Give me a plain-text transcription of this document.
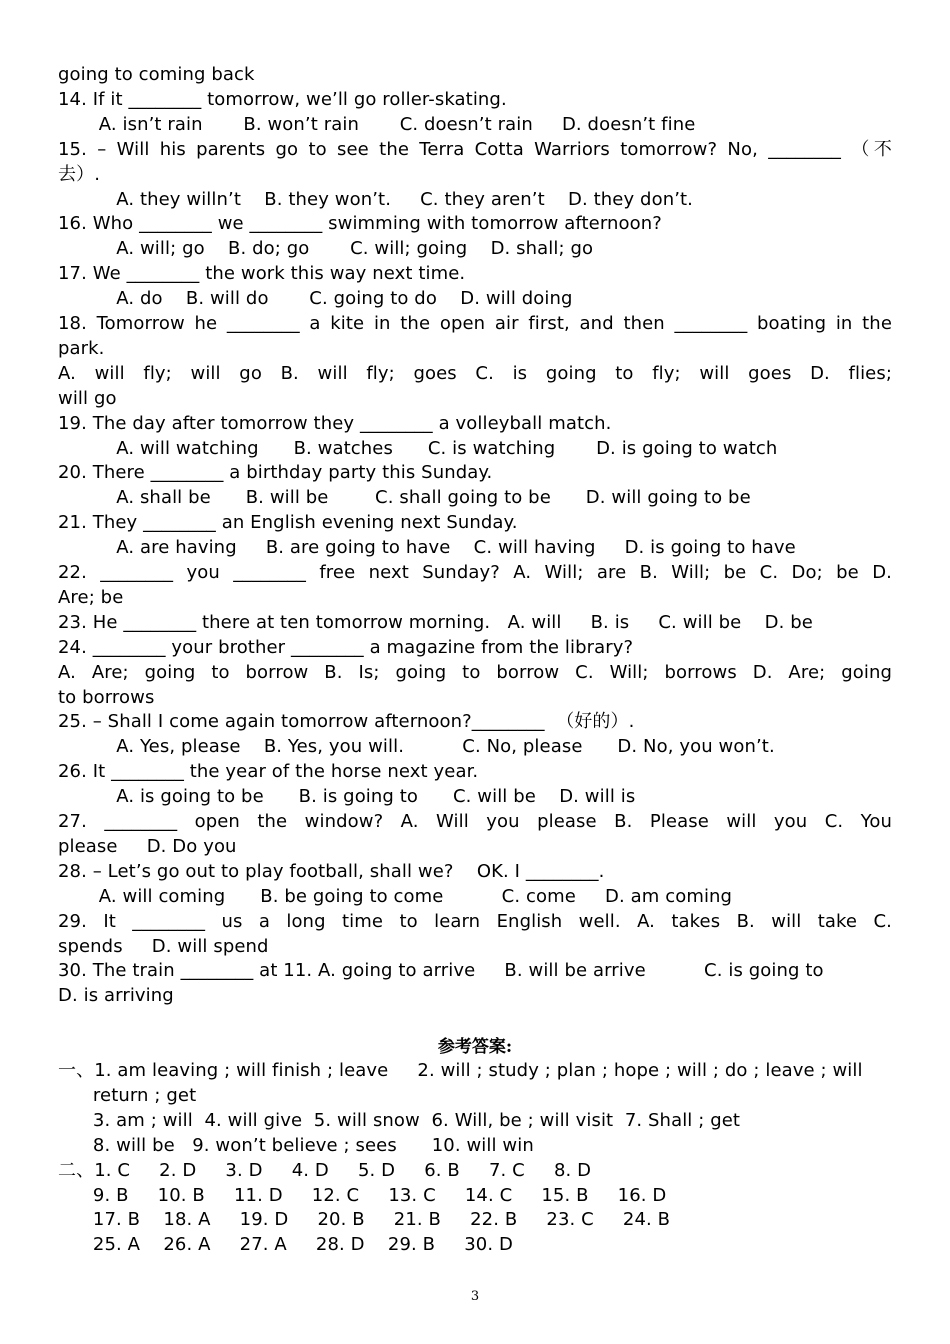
going to coming back
14. If it ________ tomorrow, we’ll go roller-skating.
A. isn’t rain       B. won’t rain       C. doesn’t rain     D. doesn’t fine
15. – Will his parents go to see the Terra Cotta Warriors tomorrow? No, ________ （不
去）.
A. they willn’t    B. they won’t.     C. they aren’t    D. they don’t.
16. Who ________ we ________ swimming with tomorrow afternoon?
A. will; go    B. do; go       C. will; going    D. shall; go
17. We ________ the work this way next time.
A. do    B. will do       C. going to do    D. will doing
18. Tomorrow he ________ a kite in the open air first, and then ________ boating in the
park.
A. will fly; will go B. will fly; goes C. is going to fly; will goes D. flies;
will go
19. The day after tomorrow they ________ a volleyball match.
A. will watching      B. watches      C. is watching       D. is going to watch
20. There ________ a birthday party this Sunday.
A. shall be      B. will be        C. shall going to be      D. will going to be
21. They ________ an English evening next Sunday.
A. are having     B. are going to have    C. will having     D. is going to have
22. ________ you ________ free next Sunday? A. Will; are B. Will; be C. Do; be D.
Are; be
23. He ________ there at ten tomorrow morning.   A. will     B. is     C. will be    D. be
24. ________ your brother ________ a magazine from the library?
A. Are; going to borrow B. Is; going to borrow C. Will; borrows D. Are; going
to borrows
25. – Shall I come again tomorrow afternoon?________  （好的）.
A. Yes, please    B. Yes, you will.          C. No, please      D. No, you won’t.
26. It ________ the year of the horse next year.
A. is going to be      B. is going to      C. will be    D. will is
27. ________ open the window? A. Will you please B. Please will you C. You
please     D. Do you
28. – Let’s go out to play football, shall we?    OK. I ________.
A. will coming      B. be going to come          C. come     D. am coming
29. It ________ us a long time to learn English well. A. takes B. will take C.
spends     D. will spend
30. The train ________ at 11. A. going to arrive     B. will be arrive          C. is going to
D. is arriving
参考答案:
一、1. am leaving ; will finish ; leave     2. will ; study ; plan ; hope ; will ; do ; leave ; will
return ; get
3. am ; will  4. will give  5. will snow  6. Will, be ; will visit  7. Shall ; get
8. will be   9. won’t believe ; sees      10. will win
二、1. C     2. D     3. D     4. D     5. D     6. B     7. C     8. D
9. B     10. B     11. D     12. C     13. C     14. C     15. B     16. D
17. B    18. A     19. D     20. B     21. B     22. B     23. C     24. B
25. A    26. A     27. A     28. D    29. B     30. D
3
